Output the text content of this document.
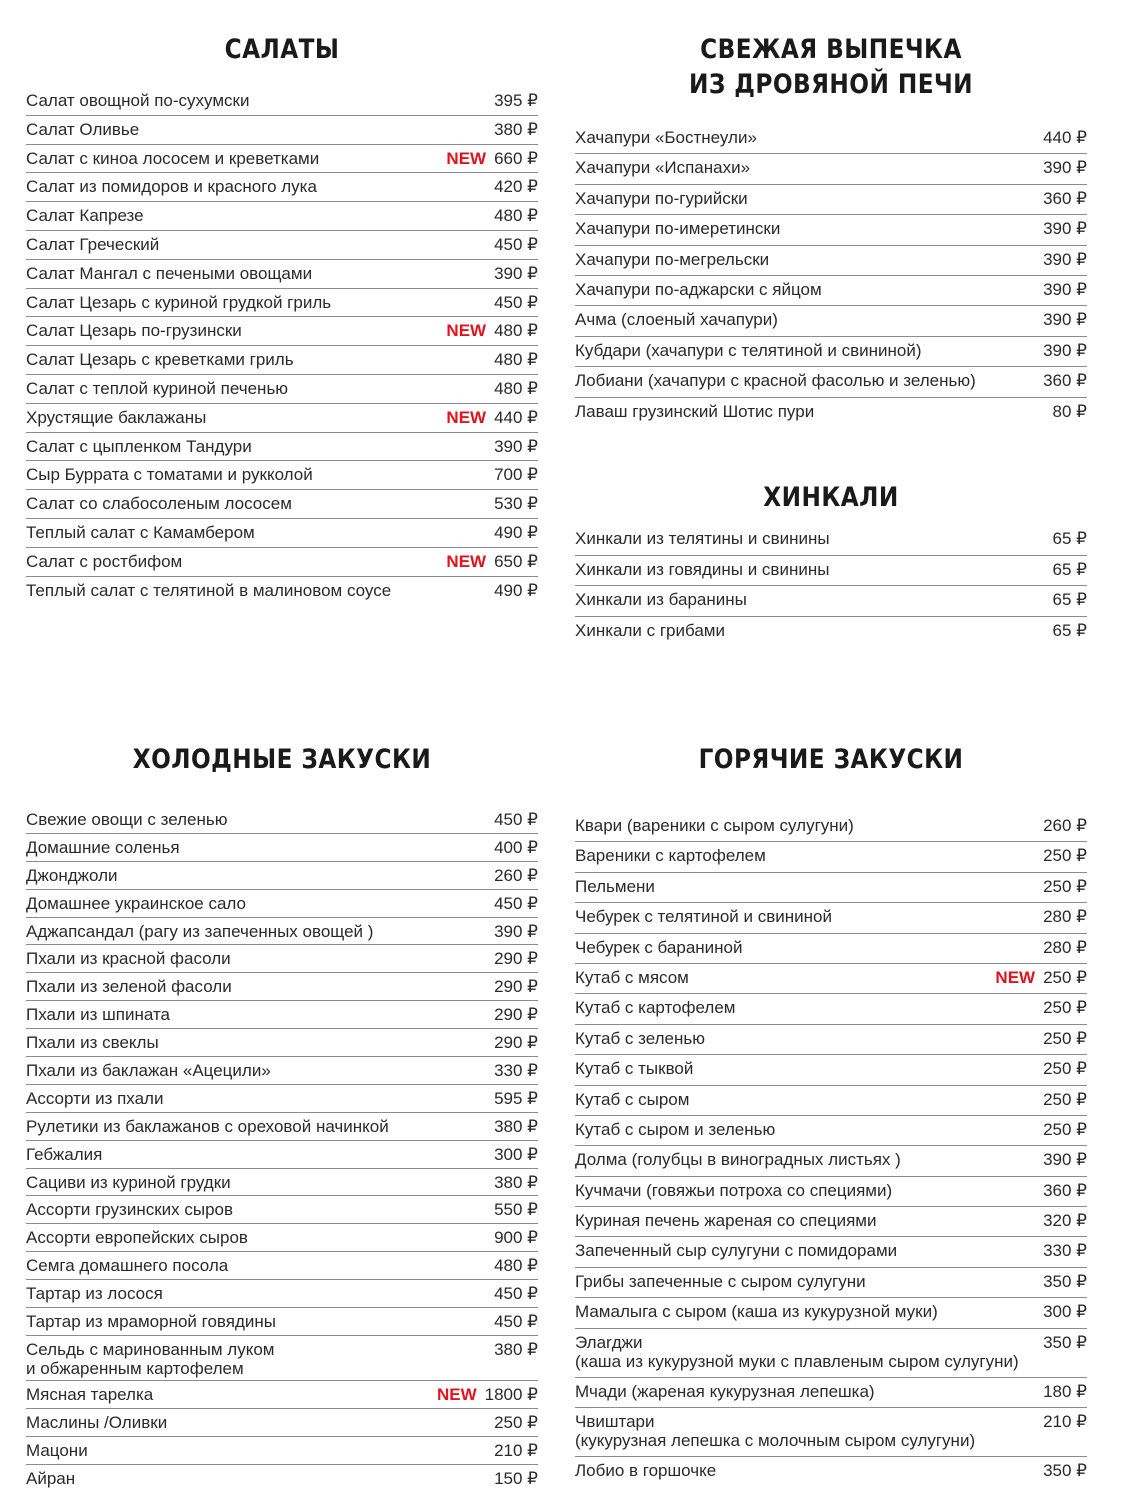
САЛАТЫ
Салат овощной по-сухумски	395 ₽
Салат Оливье	380 ₽
Салат с киноа лососем и креветками	NEW 660 ₽
Салат из помидоров и красного лука	420 ₽
Салат Капрезе	480 ₽
Салат Греческий	450 ₽
Салат Мангал с печеными овощами	390 ₽
Салат Цезарь с куриной грудкой гриль	450 ₽
Салат Цезарь по-грузински	NEW 480 ₽
Салат Цезарь с креветками гриль	480 ₽
Салат с теплой куриной печенью	480 ₽
Хрустящие баклажаны	NEW 440 ₽
Салат с цыпленком Тандури	390 ₽
Сыр Буррата с томатами и рукколой	700 ₽
Салат со слабосоленым лососем	530 ₽
Теплый салат с Камамбером	490 ₽
Салат с ростбифом	NEW 650 ₽
Теплый салат с телятиной в малиновом соусе	490 ₽
СВЕЖАЯ ВЫПЕЧКА
ИЗ ДРОВЯНОЙ ПЕЧИ
Хачапури «Бостнеули»	440 ₽
Хачапури «Испанахи»	390 ₽
Хачапури по-гурийски	360 ₽
Хачапури по-имеретински	390 ₽
Хачапури по-мегрельски	390 ₽
Хачапури по-аджарски с яйцом	390 ₽
Ачма (слоеный хачапури)	390 ₽
Кубдари (хачапури с телятиной и свининой)	390 ₽
Лобиани (хачапури с красной фасолью и зеленью)	360 ₽
Лаваш грузинский Шотис пури	80 ₽
ХИНКАЛИ
Хинкали из телятины и свинины	65 ₽
Хинкали из говядины и свинины	65 ₽
Хинкали из баранины	65 ₽
Хинкали с грибами	65 ₽
ХОЛОДНЫЕ ЗАКУСКИ
Свежие овощи с зеленью	450 ₽
Домашние соленья	400 ₽
Джонджоли	260 ₽
Домашнее украинское сало	450 ₽
Аджапсандал (рагу из запеченных овощей )	390 ₽
Пхали из красной фасоли	290 ₽
Пхали из зеленой фасоли	290 ₽
Пхали из шпината	290 ₽
Пхали из свеклы	290 ₽
Пхали из баклажан «Ацецили»	330 ₽
Ассорти из пхали	595 ₽
Рулетики из баклажанов с ореховой начинкой	380 ₽
Гебжалия	300 ₽
Сациви из куриной грудки	380 ₽
Ассорти грузинских сыров	550 ₽
Ассорти европейских сыров	900 ₽
Семга домашнего посола	480 ₽
Тартар из лосося	450 ₽
Тартар из мраморной говядины	450 ₽
Сельдь с маринованным луком
и обжаренным картофелем
380 ₽
Мясная тарелка	NEW 1800 ₽
Маслины /Оливки	250 ₽
Мацони	210 ₽
Айран	150 ₽
ГОРЯЧИЕ ЗАКУСКИ
Квари (вареники с сыром сулугуни)	260 ₽
Вареники с картофелем	250 ₽
Пельмени	250 ₽
Чебурек с телятиной и свининой	280 ₽
Чебурек с бараниной	280 ₽
Кутаб с мясом	NEW 250 ₽
Кутаб с картофелем	250 ₽
Кутаб с зеленью	250 ₽
Кутаб с тыквой	250 ₽
Кутаб с сыром	250 ₽
Кутаб с сыром и зеленью	250 ₽
Долма (голубцы в виноградных листьях )	390 ₽
Кучмачи (говяжьи потроха со специями)	360 ₽
Куриная печень жареная со специями	320 ₽
Запеченный сыр сулугуни с помидорами	330 ₽
Грибы запеченные с сыром сулугуни	350 ₽
Мамалыга с сыром (каша из кукурузной муки)	300 ₽
Элarджи
(каша из кукурузной муки с плавленым сыром сулугуни)
350 ₽
Мчади (жареная кукурузная лепешка)	180 ₽
Чвиштари
(кукурузная лепешка с молочным сыром сулугуни)
210 ₽
Лобио в горшочке	350 ₽
